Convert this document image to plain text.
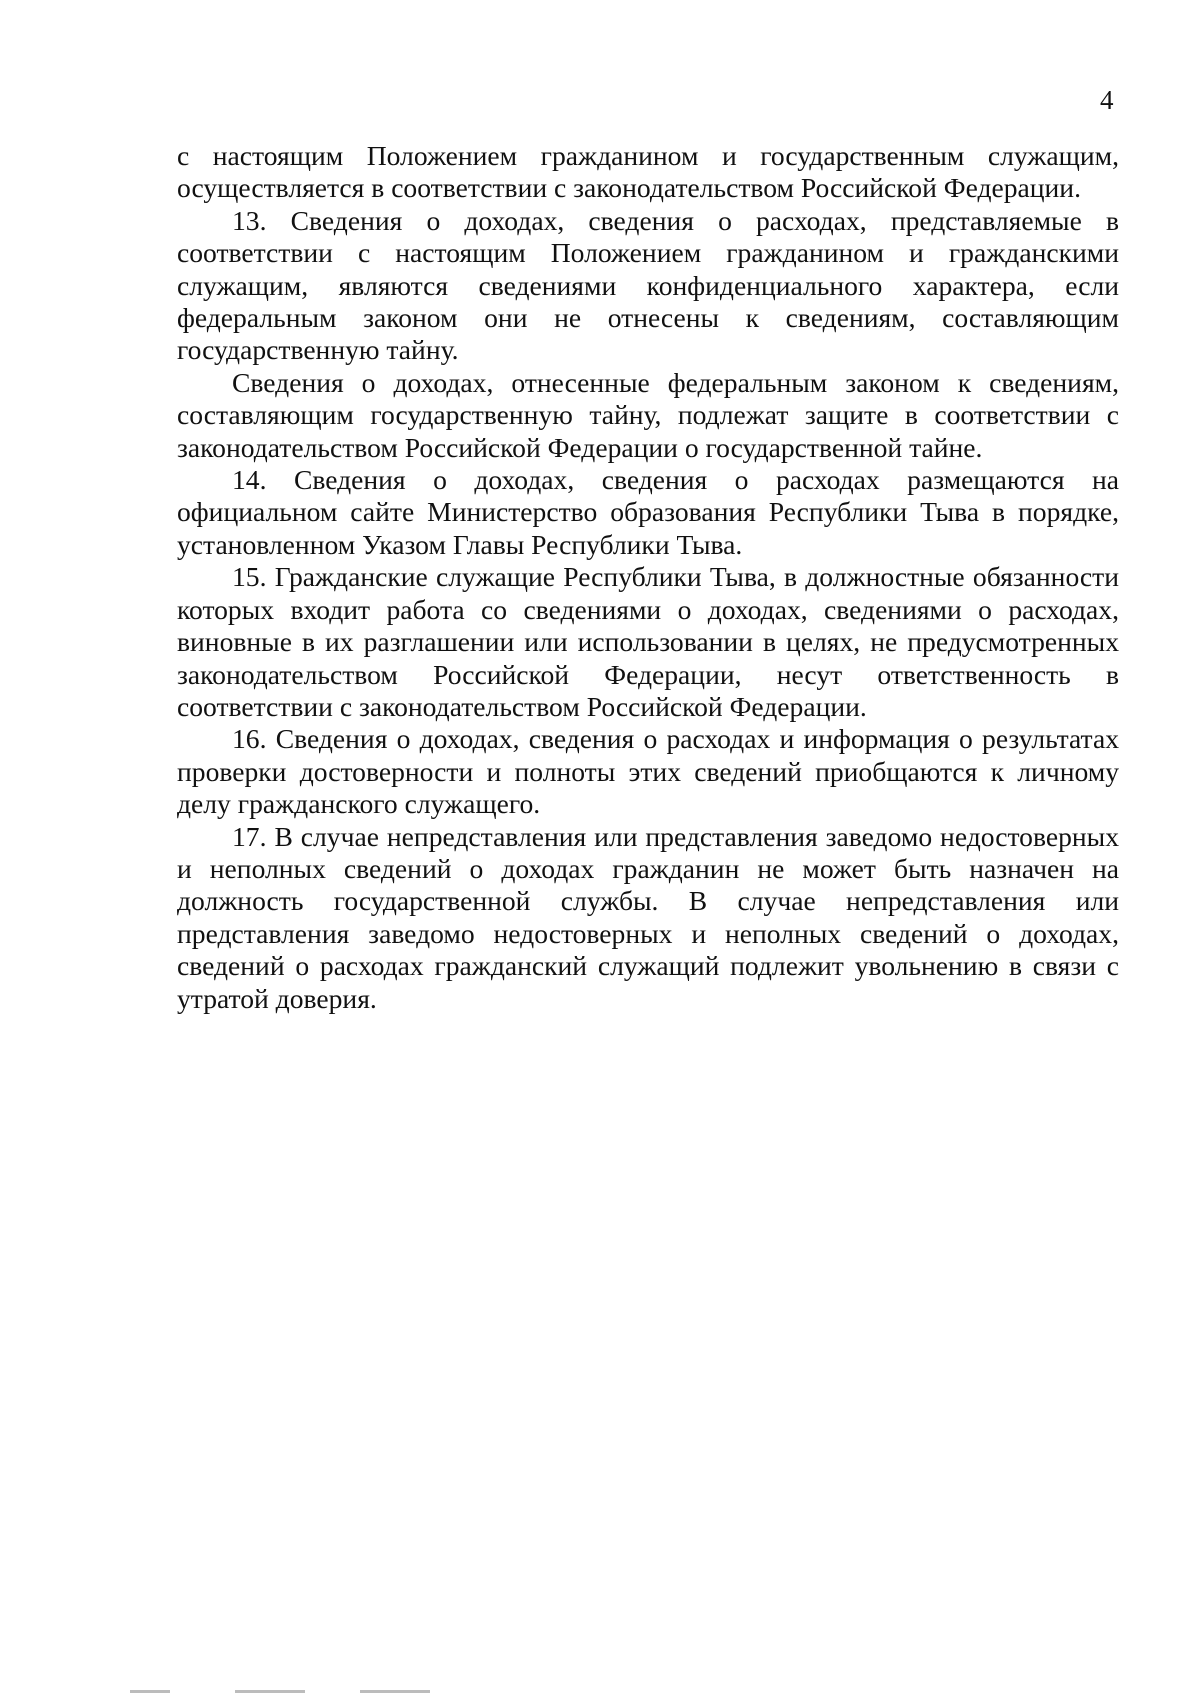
4

с настоящим Положением гражданином и государственным служащим, осуществляется в соответствии с законодательством Российской Федерации.

13. Сведения о доходах, сведения о расходах, представляемые в соответствии с настоящим Положением гражданином и гражданскими служащим, являются сведениями конфиденциального характера, если федеральным законом они не отнесены к сведениям, составляющим государственную тайну.

Сведения о доходах, отнесенные федеральным законом к сведениям, составляющим государственную тайну, подлежат защите в соответствии с законодательством Российской Федерации о государственной тайне.

14. Сведения о доходах, сведения о расходах размещаются на официальном сайте Министерство образования Республики Тыва в порядке, установленном Указом Главы Республики Тыва.

15. Гражданские служащие Республики Тыва, в должностные обязанности которых входит работа со сведениями о доходах, сведениями о расходах, виновные в их разглашении или использовании в целях, не предусмотренных законодательством Российской Федерации, несут ответственность в соответствии с законодательством Российской Федерации.

16. Сведения о доходах, сведения о расходах и информация о результатах проверки достоверности и полноты этих сведений приобщаются к личному делу гражданского служащего.

17. В случае непредставления или представления заведомо недостоверных и неполных сведений о доходах гражданин не может быть назначен на должность государственной службы. В случае непредставления или представления заведомо недостоверных и неполных сведений о доходах, сведений о расходах гражданский служащий подлежит увольнению в связи с утратой доверия.
